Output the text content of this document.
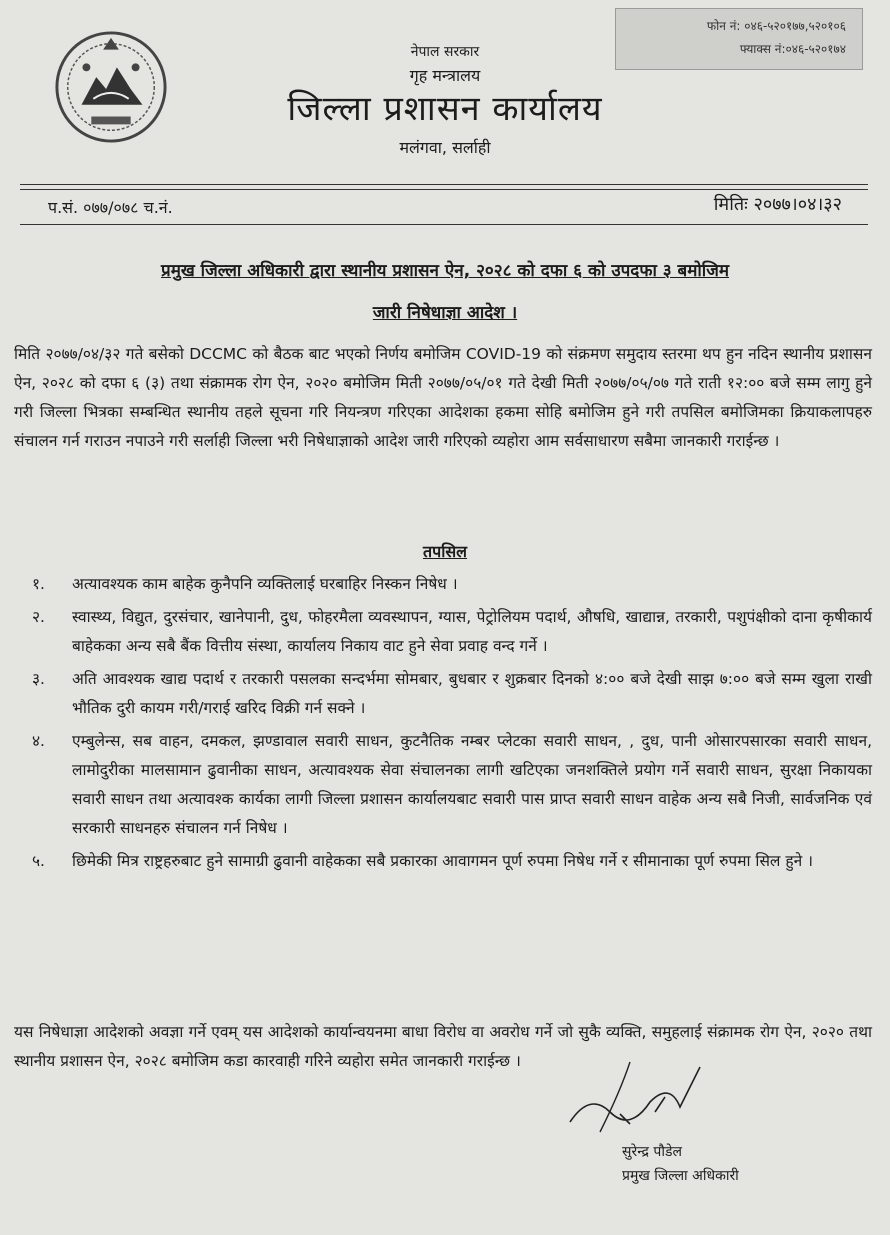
फोन नं: ०४६-५२०१७७,५२०१०६
फ्याक्स नं:०४६-५२०१७४
नेपाल सरकार
गृह मन्त्रालय
जिल्ला प्रशासन कार्यालय
मलंगवा, सर्लाही
प.सं. ०७७/०७८ च.नं.	मितिः २०७७।०४।३२
प्रमुख जिल्ला अधिकारी द्वारा स्थानीय प्रशासन ऐन, २०२८ को दफा ६ को उपदफा ३ बमोजिम
जारी निषेधाज्ञा आदेश ।
मिति २०७७/०४/३२ गते बसेको DCCMC को बैठक बाट भएको निर्णय बमोजिम COVID-19 को संक्रमण समुदाय स्तरमा थप हुन नदिन स्थानीय प्रशासन ऐन, २०२८ को दफा ६ (३) तथा संक्रामक रोग ऐन, २०२० बमोजिम मिती २०७७/०५/०१ गते देखी मिती २०७७/०५/०७ गते राती १२:०० बजे सम्म लागु हुने गरी जिल्ला भित्रका सम्बन्धित स्थानीय तहले सूचना गरि नियन्त्रण गरिएका आदेशका हकमा सोहि बमोजिम हुने गरी तपसिल बमोजिमका क्रियाकलापहरु संचालन गर्न गराउन नपाउने गरी सर्लाही जिल्ला भरी निषेधाज्ञाको आदेश जारी गरिएको व्यहोरा आम सर्वसाधारण सबैमा जानकारी गराईन्छ ।
तपसिल
१. अत्यावश्यक काम बाहेक कुनैपनि व्यक्तिलाई घरबाहिर निस्कन निषेध ।
२. स्वास्थ्य, विद्युत, दुरसंचार, खानेपानी, दुध, फोहरमैला व्यवस्थापन, ग्यास, पेट्रोलियम पदार्थ, औषधि, खाद्यान्न, तरकारी, पशुपंक्षीको दाना कृषीकार्य बाहेकका अन्य सबै बैंक वित्तीय संस्था, कार्यालय निकाय वाट हुने सेवा प्रवाह वन्द गर्ने ।
३. अति आवश्यक खाद्य पदार्थ र तरकारी पसलका सन्दर्भमा सोमबार, बुधबार र शुक्रबार दिनको ४:०० बजे देखी साझ ७:०० बजे सम्म खुला राखी भौतिक दुरी कायम गरी/गराई खरिद विक्री गर्न सक्ने ।
४. एम्बुलेन्स, सब वाहन, दमकल, झण्डावाल सवारी साधन, कुटनैतिक नम्बर प्लेटका सवारी साधन, , दुध, पानी ओसारपसारका सवारी साधन, लामोदुरीका मालसामान ढुवानीका साधन, अत्यावश्यक सेवा संचालनका लागी खटिएका जनशक्तिले प्रयोग गर्ने सवारी साधन, सुरक्षा निकायका सवारी साधन तथा अत्यावश्क कार्यका लागी जिल्ला प्रशासन कार्यालयबाट सवारी पास प्राप्त सवारी साधन वाहेक अन्य सबै निजी, सार्वजनिक एवं सरकारी साधनहरु संचालन गर्न निषेध ।
५. छिमेकी मित्र राष्ट्रहरुबाट हुने सामाग्री ढुवानी वाहेकका सबै प्रकारका आवागमन पूर्ण रुपमा निषेध गर्ने र सीमानाका पूर्ण रुपमा सिल हुने ।
यस निषेधाज्ञा आदेशको अवज्ञा गर्ने एवम् यस आदेशको कार्यान्वयनमा बाधा विरोध वा अवरोध गर्ने जो सुकै व्यक्ति, समुहलाई संक्रामक रोग ऐन, २०२० तथा स्थानीय प्रशासन ऐन, २०२८ बमोजिम कडा कारवाही गरिने व्यहोरा समेत जानकारी गराईन्छ ।
सुरेन्द्र पौडेल
प्रमुख जिल्ला अधिकारी
